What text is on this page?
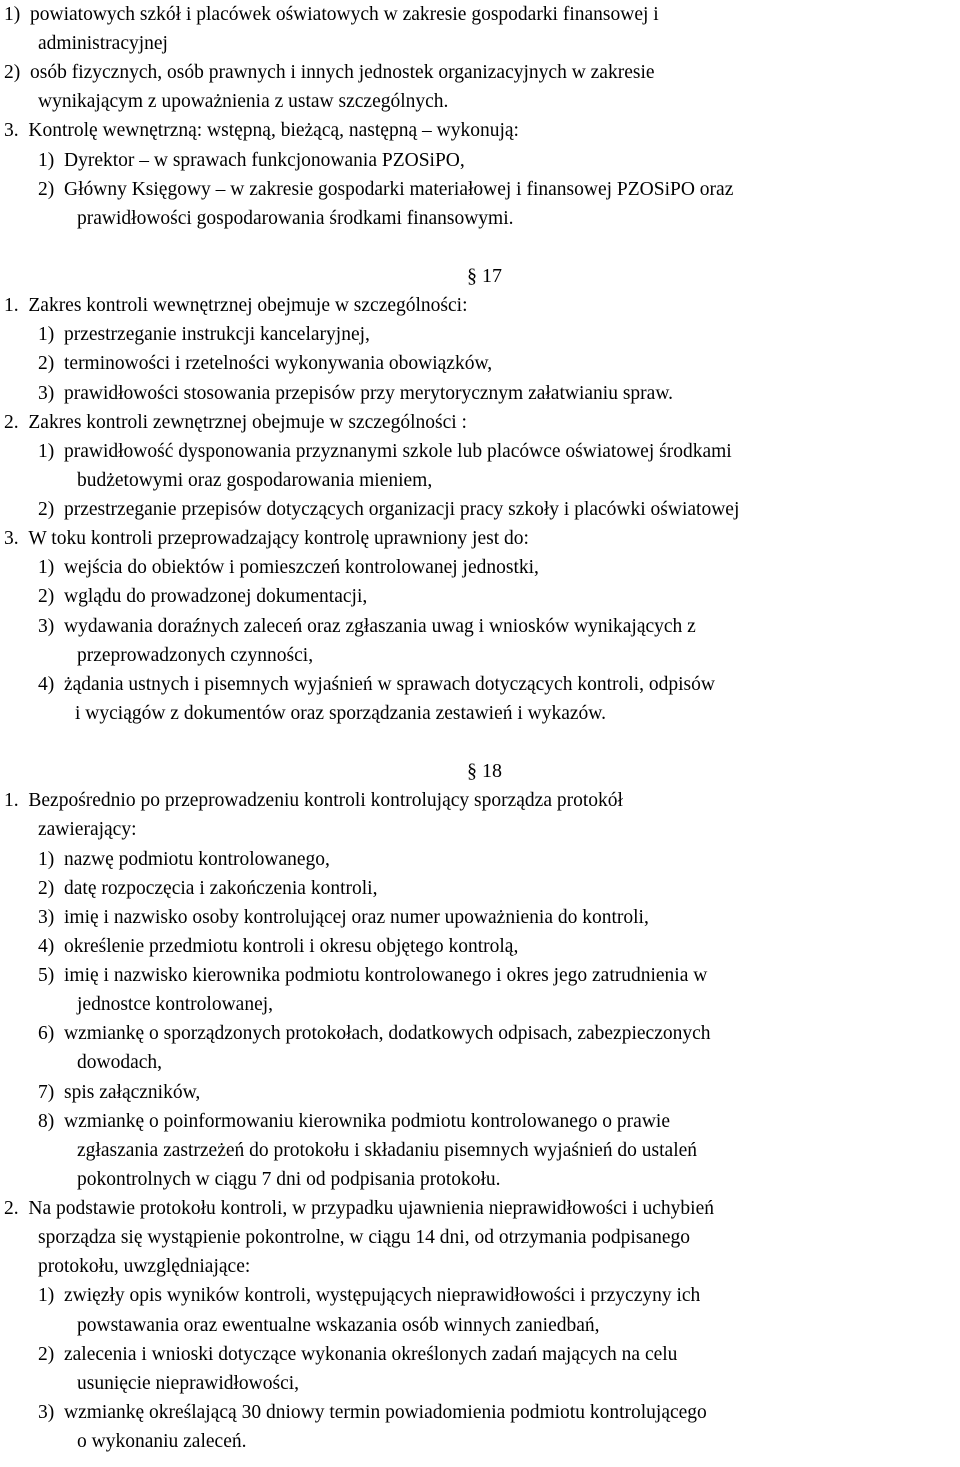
1)  powiatowych szkół i placówek oświatowych w zakresie gospodarki finansowej i
administracyjnej
2)  osób fizycznych, osób prawnych i innych jednostek organizacyjnych w zakresie
wynikającym z upoważnienia z ustaw szczególnych.
3.  Kontrolę wewnętrzną: wstępną, bieżącą, następną – wykonują:
1)  Dyrektor – w sprawach funkcjonowania PZOSiPO,
2)  Główny Księgowy – w zakresie gospodarki materiałowej i finansowej PZOSiPO oraz
prawidłowości gospodarowania środkami finansowymi.
§ 17
1.  Zakres kontroli wewnętrznej obejmuje w szczególności:
1)  przestrzeganie instrukcji kancelaryjnej,
2)  terminowości i rzetelności wykonywania obowiązków,
3)  prawidłowości stosowania przepisów przy merytorycznym załatwianiu spraw.
2.  Zakres kontroli zewnętrznej obejmuje w szczególności :
1)  prawidłowość dysponowania przyznanymi szkole lub placówce oświatowej środkami
budżetowymi oraz gospodarowania mieniem,
2)  przestrzeganie przepisów dotyczących organizacji pracy szkoły i placówki oświatowej
3.  W toku kontroli przeprowadzający kontrolę uprawniony jest do:
1)  wejścia do obiektów i pomieszczeń kontrolowanej jednostki,
2)  wglądu do prowadzonej dokumentacji,
3)  wydawania doraźnych zaleceń oraz zgłaszania uwag i wniosków wynikających z
przeprowadzonych czynności,
4)  żądania ustnych i pisemnych wyjaśnień w sprawach dotyczących kontroli, odpisów
i wyciągów z dokumentów oraz sporządzania zestawień i wykazów.
§ 18
1.  Bezpośrednio po przeprowadzeniu kontroli kontrolujący sporządza protokół
zawierający:
1)  nazwę podmiotu kontrolowanego,
2)  datę rozpoczęcia i zakończenia kontroli,
3)  imię i nazwisko osoby kontrolującej oraz numer upoważnienia do kontroli,
4)  określenie przedmiotu kontroli i okresu objętego kontrolą,
5)  imię i nazwisko kierownika podmiotu kontrolowanego i okres jego zatrudnienia w
jednostce kontrolowanej,
6)  wzmiankę o sporządzonych protokołach, dodatkowych odpisach, zabezpieczonych
dowodach,
7)  spis załączników,
8)  wzmiankę o poinformowaniu kierownika podmiotu kontrolowanego o prawie
zgłaszania zastrzeżeń do protokołu i składaniu pisemnych wyjaśnień do ustaleń
pokontrolnych w ciągu 7 dni od podpisania protokołu.
2.  Na podstawie protokołu kontroli, w przypadku ujawnienia nieprawidłowości i uchybień
sporządza się wystąpienie pokontrolne, w ciągu 14 dni, od otrzymania podpisanego
protokołu, uwzględniające:
1)  zwięzły opis wyników kontroli, występujących nieprawidłowości i przyczyny ich
powstawania oraz ewentualne wskazania osób winnych zaniedbań,
2)  zalecenia i wnioski dotyczące wykonania określonych zadań mających na celu
usunięcie nieprawidłowości,
3)  wzmiankę określającą 30 dniowy termin powiadomienia podmiotu kontrolującego
o wykonaniu zaleceń.
